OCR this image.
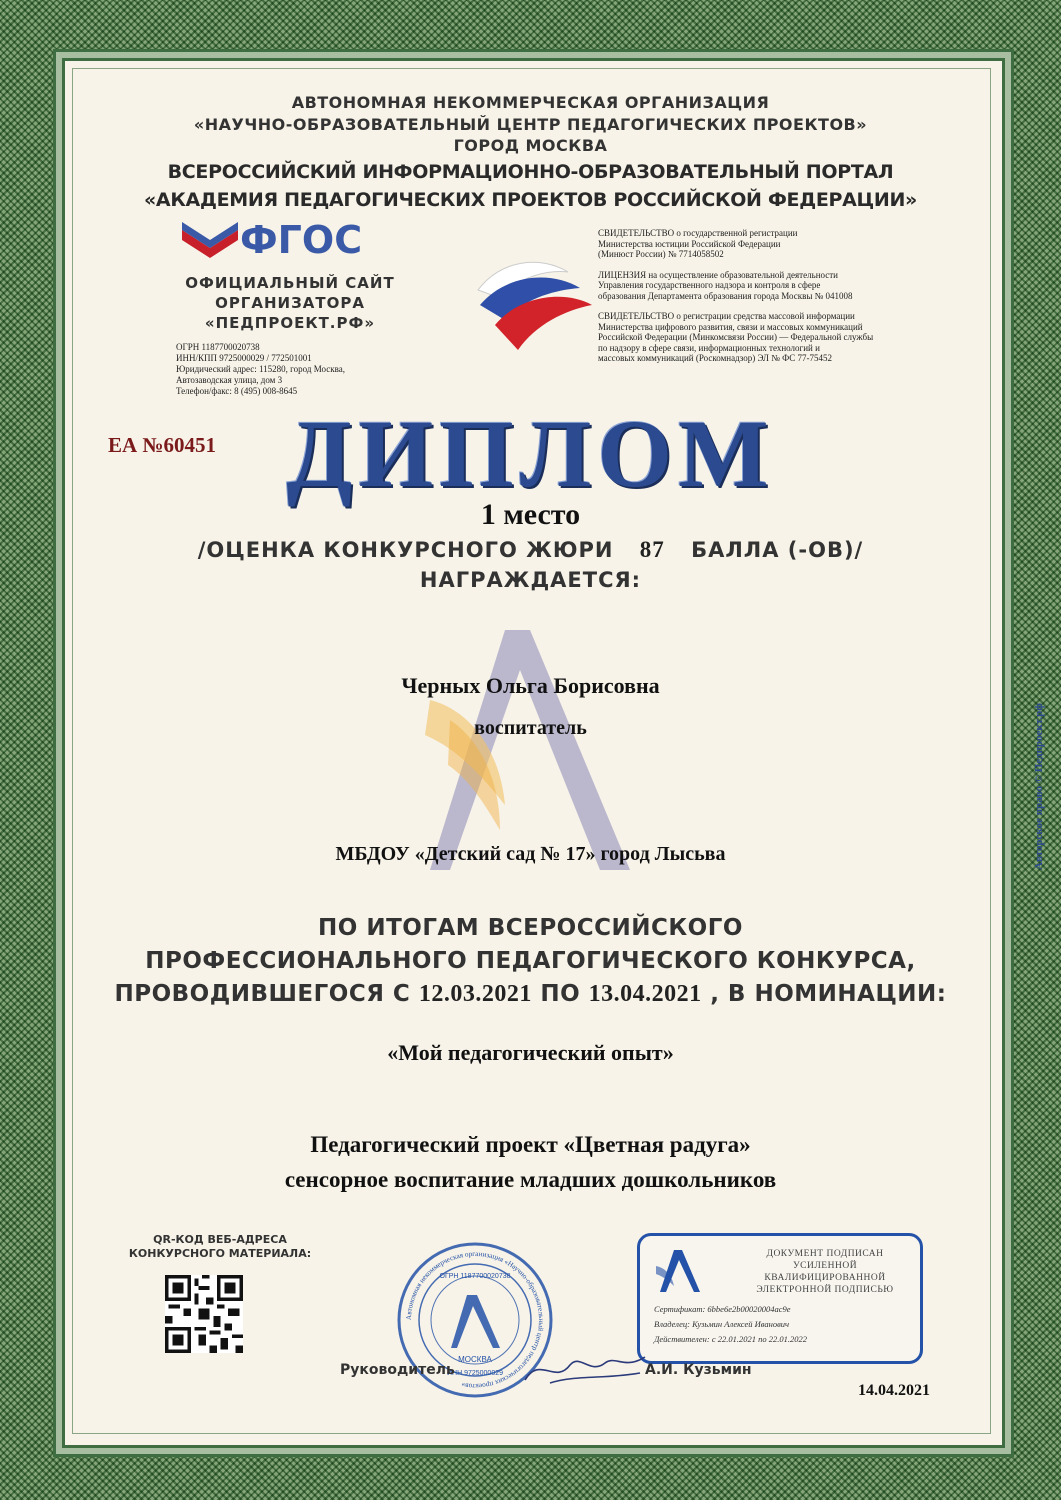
АВТОНОМНАЯ НЕКОММЕРЧЕСКАЯ ОРГАНИЗАЦИЯ
«НАУЧНО-ОБРАЗОВАТЕЛЬНЫЙ ЦЕНТР ПЕДАГОГИЧЕСКИХ ПРОЕКТОВ»
ГОРОД МОСКВА
ВСЕРОССИЙСКИЙ ИНФОРМАЦИОННО-ОБРАЗОВАТЕЛЬНЫЙ ПОРТАЛ
«АКАДЕМИЯ ПЕДАГОГИЧЕСКИХ ПРОЕКТОВ РОССИЙСКОЙ ФЕДЕРАЦИИ»
ФГОС
ОФИЦИАЛЬНЫЙ САЙТ
ОРГАНИЗАТОРА
«ПЕДПРОЕКТ.РФ»
ОГРН 1187700020738
ИНН/КПП 9725000029 / 772501001
Юридический адрес: 115280, город Москва,
Автозаводская улица, дом 3
Телефон/факс: 8 (495) 008-8645

СВИДЕТЕЛЬСТВО о государственной регистрации
Министерства юстиции Российской Федерации
(Минюст России) № 7714058502

ЛИЦЕНЗИЯ на осуществление образовательной деятельности
Управления государственного надзора и контроля в сфере
образования Департамента образования города Москвы № 041008

СВИДЕТЕЛЬСТВО о регистрации средства массовой информации
Министерства цифрового развития, связи и массовых коммуникаций
Российской Федерации (Минкомсвязи России) — Федеральной службы
по надзору в сфере связи, информационных технологий и
массовых коммуникаций (Роскомнадзор) ЭЛ № ФС 77-75452

ЕА №60451 ДИПЛОМ
1 место
/ОЦЕНКА КОНКУРСНОГО ЖЮРИ 87 БАЛЛА (-ОВ)/
НАГРАЖДАЕТСЯ:
Черных Ольга Борисовна
воспитатель
МБДОУ «Детский сад № 17» город Лысьва
ПО ИТОГАМ ВСЕРОССИЙСКОГО
ПРОФЕССИОНАЛЬНОГО ПЕДАГОГИЧЕСКОГО КОНКУРСА,
ПРОВОДИВШЕГОСЯ С 12.03.2021 ПО 13.04.2021 , В НОМИНАЦИИ:
«Мой педагогический опыт»
Педагогический проект «Цветная радуга»
сенсорное воспитание младших дошкольников
QR-КОД ВЕБ-АДРЕСА
КОНКУРСНОГО МАТЕРИАЛА:
Автономная некоммерческая организация «Научно-образовательный центр педагогических проектов»
МОСКВА
ОГРН 1187700020738
ИНН 9725000029
ДОКУМЕНТ ПОДПИСАН
УСИЛЕННОЙ КВАЛИФИЦИРОВАННОЙ
ЭЛЕКТРОННОЙ ПОДПИСЬЮ
Сертификат: 6bbe6e2b00020004ac9e
Владелец: Кузьмин Алексей Иванович
Действителен: с 22.01.2021 по 22.01.2022
Руководитель	А.И. Кузьмин
14.04.2021
Авторское право © Педпроект.рф
